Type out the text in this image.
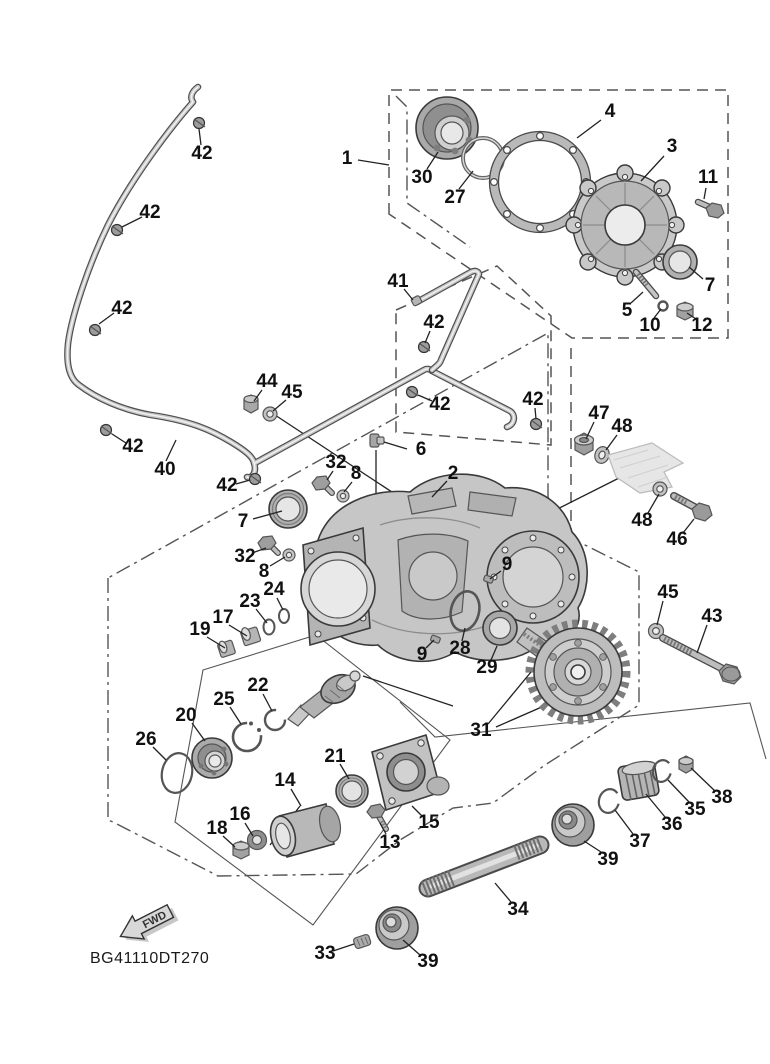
FWD
BG41110DT270
1
2
3
4
5
6
7
7
8
8	9
9
10
11
12
13
14
15
16
17
18
19
20
21
22
23
24
25
26
27
28
29
30
31
32
32
33
34
35
36
37
38
39
39
40
41
42
42
42
42
42
42
42	42
43
44
45
45
46
47
48
48
